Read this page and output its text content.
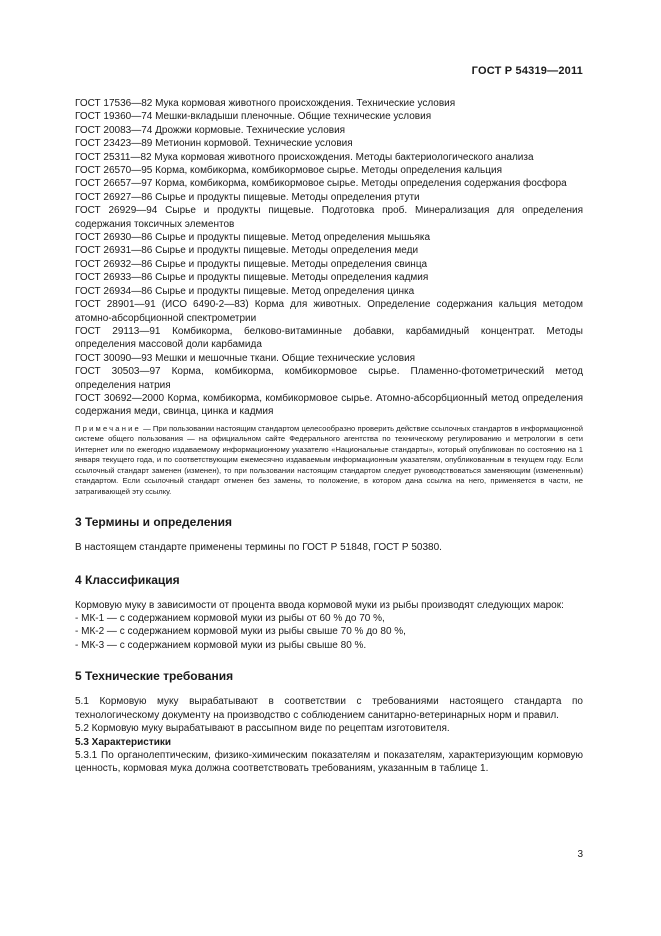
ГОСТ Р 54319—2011

ГОСТ 17536—82 Мука кормовая животного происхождения. Технические условия

ГОСТ 19360—74 Мешки-вкладыши пленочные. Общие технические условия

ГОСТ 20083—74 Дрожжи кормовые. Технические условия

ГОСТ 23423—89 Метионин кормовой. Технические условия

ГОСТ 25311—82 Мука кормовая животного происхождения. Методы бактериологического анализа

ГОСТ 26570—95 Корма, комбикорма, комбикормовое сырье. Методы определения кальция

ГОСТ 26657—97 Корма, комбикорма, комбикормовое сырье. Методы определения содержания фосфора

ГОСТ 26927—86 Сырье и продукты пищевые. Методы определения ртути

ГОСТ 26929—94 Сырье и продукты пищевые. Подготовка проб. Минерализация для определения содержания токсичных элементов

ГОСТ 26930—86 Сырье и продукты пищевые. Метод определения мышьяка

ГОСТ 26931—86 Сырье и продукты пищевые. Методы определения меди

ГОСТ 26932—86 Сырье и продукты пищевые. Методы определения свинца

ГОСТ 26933—86 Сырье и продукты пищевые. Методы определения кадмия

ГОСТ 26934—86 Сырье и продукты пищевые. Метод определения цинка

ГОСТ 28901—91 (ИСО 6490-2—83) Корма для животных. Определение содержания кальция методом атомно-абсорбционной спектрометрии

ГОСТ 29113—91 Комбикорма, белково-витаминные добавки, карбамидный концентрат. Методы определения массовой доли карбамида

ГОСТ 30090—93 Мешки и мешочные ткани. Общие технические условия

ГОСТ 30503—97 Корма, комбикорма, комбикормовое сырье. Пламенно-фотометрический метод определения натрия

ГОСТ 30692—2000 Корма, комбикорма, комбикормовое сырье. Атомно-абсорбционный метод определения содержания меди, свинца, цинка и кадмия

Примечание — При пользовании настоящим стандартом целесообразно проверить действие ссылочных стандартов в информационной системе общего пользования — на официальном сайте Федерального агентства по техническому регулированию и метрологии в сети Интернет или по ежегодно издаваемому информационному указателю «Национальные стандарты», который опубликован по состоянию на 1 января текущего года, и по соответствующим ежемесячно издаваемым информационным указателям, опубликованным в текущем году. Если ссылочный стандарт заменен (изменен), то при пользовании настоящим стандартом следует руководствоваться заменяющим (измененным) стандартом. Если ссылочный стандарт отменен без замены, то положение, в котором дана ссылка на него, применяется в части, не затрагивающей эту ссылку.

3 Термины и определения

В настоящем стандарте применены термины по ГОСТ Р 51848, ГОСТ Р 50380.

4 Классификация

Кормовую муку в зависимости от процента ввода кормовой муки из рыбы производят следующих марок:

- МК-1 — с содержанием кормовой муки из рыбы от 60 % до 70 %,

- МК-2 — с содержанием кормовой муки из рыбы свыше 70 % до 80 %,

- МК-3 — с содержанием кормовой муки из рыбы свыше 80 %.

5 Технические требования

5.1 Кормовую муку вырабатывают в соответствии с требованиями настоящего стандарта по технологическому документу на производство с соблюдением санитарно-ветеринарных норм и правил.

5.2 Кормовую муку вырабатывают в рассыпном виде по рецептам изготовителя.

5.3 Характеристики

5.3.1 По органолептическим, физико-химическим показателям и показателям, характеризующим кормовую ценность, кормовая мука должна соответствовать требованиям, указанным в таблице 1.

3
